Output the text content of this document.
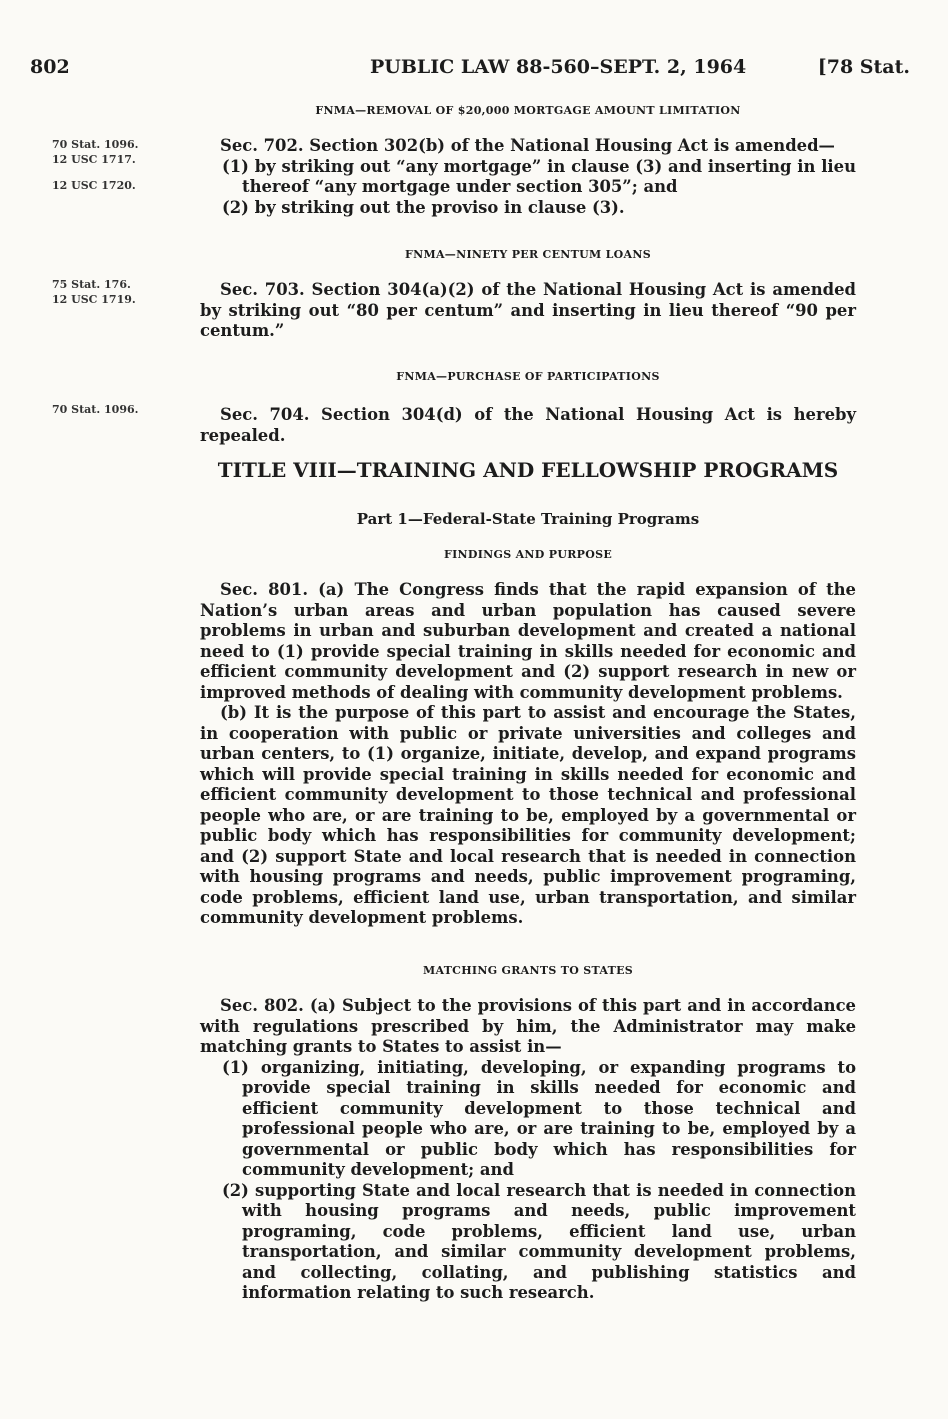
802	PUBLIC LAW 88-560–SEPT. 2, 1964	[78 Stat.
70 Stat. 1096.
12 USC 1717.
12 USC 1720.
75 Stat. 176.
12 USC 1719.
70 Stat. 1096.
FNMA—REMOVAL OF $20,000 MORTGAGE AMOUNT LIMITATION

Sec. 702. Section 302(b) of the National Housing Act is amended—

(1) by striking out “any mortgage” in clause (3) and inserting in lieu thereof “any mortgage under section 305”; and

(2) by striking out the proviso in clause (3).

FNMA—NINETY PER CENTUM LOANS

Sec. 703. Section 304(a)(2) of the National Housing Act is amended by striking out “80 per centum” and inserting in lieu thereof “90 per centum.”

FNMA—PURCHASE OF PARTICIPATIONS

Sec. 704. Section 304(d) of the National Housing Act is hereby repealed.

TITLE VIII—TRAINING AND FELLOWSHIP PROGRAMS
Part 1—Federal-State Training Programs
FINDINGS AND PURPOSE

Sec. 801. (a) The Congress finds that the rapid expansion of the Nation’s urban areas and urban population has caused severe problems in urban and suburban development and created a national need to (1) provide special training in skills needed for economic and efficient community development and (2) support research in new or improved methods of dealing with community development problems.

(b) It is the purpose of this part to assist and encourage the States, in cooperation with public or private universities and colleges and urban centers, to (1) organize, initiate, develop, and expand programs which will provide special training in skills needed for economic and efficient community development to those technical and professional people who are, or are training to be, employed by a governmental or public body which has responsibilities for community development; and (2) support State and local research that is needed in connection with housing programs and needs, public improvement programing, code problems, efficient land use, urban transportation, and similar community development problems.

MATCHING GRANTS TO STATES

Sec. 802. (a) Subject to the provisions of this part and in accordance with regulations prescribed by him, the Administrator may make matching grants to States to assist in—

(1) organizing, initiating, developing, or expanding programs to provide special training in skills needed for economic and efficient community development to those technical and professional people who are, or are training to be, employed by a governmental or public body which has responsibilities for community development; and

(2) supporting State and local research that is needed in connection with housing programs and needs, public improvement programing, code problems, efficient land use, urban transportation, and similar community development problems, and collecting, collating, and publishing statistics and information relating to such research.
